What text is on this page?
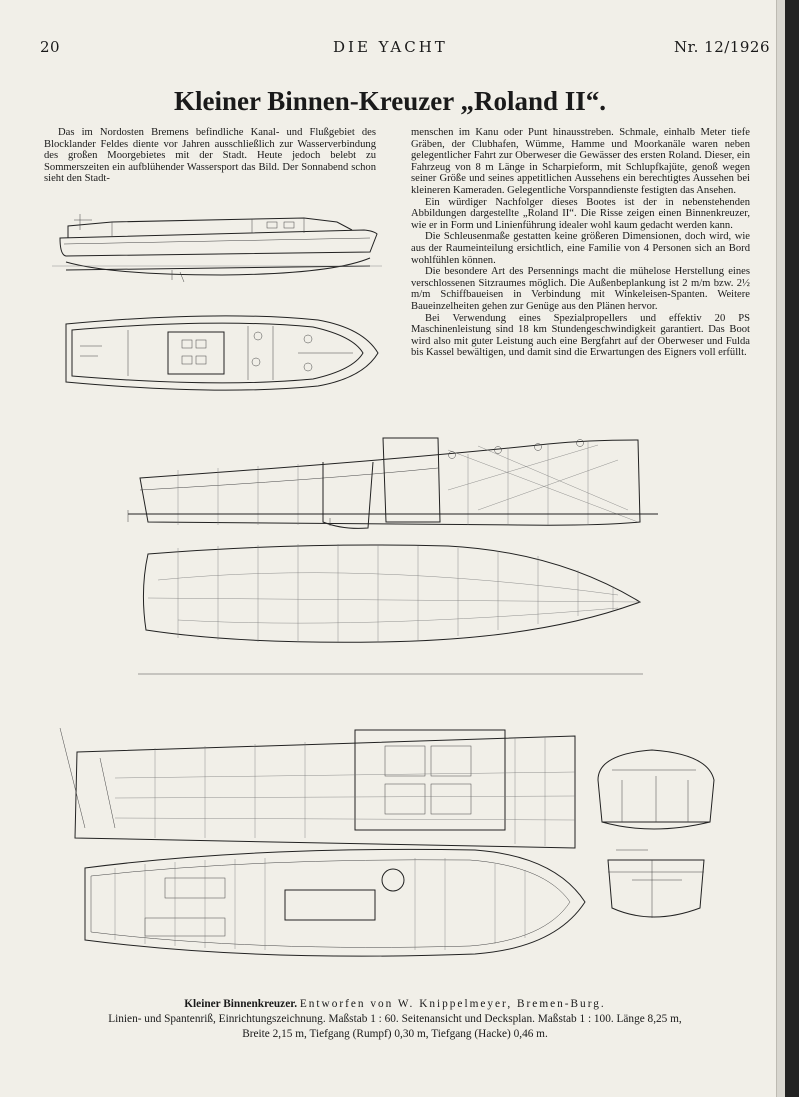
20	DIE YACHT	Nr. 12/1926
Kleiner Binnen-Kreuzer „Roland II“.

Das im Nordosten Bremens befindliche Kanal- und Flußgebiet des Blocklander Feldes diente vor Jahren ausschließlich zur Wasserverbindung des großen Moorgebietes mit der Stadt. Heute jedoch belebt zu Sommerszeiten ein aufblühender Wassersport das Bild. Der Sonnabend schon sieht den Stadt-

menschen im Kanu oder Punt hinausstreben. Schmale, einhalb Meter tiefe Gräben, der Clubhafen, Wümme, Hamme und Moorkanäle waren neben gelegentlicher Fahrt zur Oberweser die Gewässer des ersten Roland. Dieser, ein Fahrzeug von 8 m Länge in Scharpieform, mit Schlupfkajüte, genoß wegen seiner Größe und seines appetitlichen Aussehens ein berechtigtes Aussehen bei kleineren Kameraden. Gelegentliche Vorspanndienste festigten das Ansehen.

Ein würdiger Nachfolger dieses Bootes ist der in nebenstehenden Abbildungen dargestellte „Roland II“. Die Risse zeigen einen Binnenkreuzer, wie er in Form und Linienführung idealer wohl kaum gedacht werden kann.

Die Schleusenmaße gestatten keine größeren Dimensionen, doch wird, wie aus der Raumeinteilung ersichtlich, eine Familie von 4 Personen sich an Bord wohlfühlen können.

Die besondere Art des Persennings macht die mühelose Herstellung eines verschlossenen Sitzraumes möglich. Die Außenbeplankung ist 2 m/m bzw. 2½ m/m Schiffbaueisen in Verbindung mit Winkeleisen-Spanten. Weitere Baueinzelheiten gehen zur Genüge aus den Plänen hervor.

Bei Verwendung eines Spezialpropellers und effektiv 20 PS Maschinenleistung sind 18 km Stundengeschwindigkeit garantiert. Das Boot wird also mit guter Leistung auch eine Bergfahrt auf der Oberweser und Fulda bis Kassel bewältigen, und damit sind die Erwartungen des Eigners voll erfüllt.

Kleiner Binnenkreuzer. Entworfen von W. Knippelmeyer, Bremen-Burg.
Linien- und Spantenriß, Einrichtungszeichnung. Maßstab 1 : 60. Seitenansicht und Decksplan. Maßstab 1 : 100. Länge 8,25 m,
Breite 2,15 m, Tiefgang (Rumpf) 0,30 m, Tiefgang (Hacke) 0,46 m.
